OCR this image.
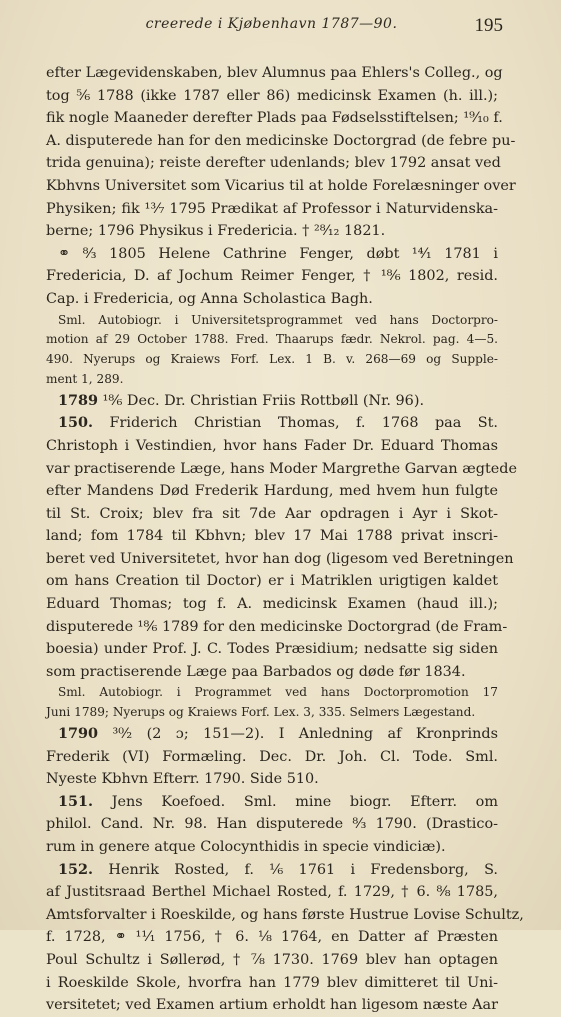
creerede i Kjøbenhavn 1787—90.	195
efter Lægevidenskaben, blev Alumnus paa Ehlers's Colleg., og
tog ⁵⁄₆ 1788 (ikke 1787 eller 86) medicinsk Examen (h. ill.);
fik nogle Maaneder derefter Plads paa Fødselsstiftelsen; ¹⁹⁄₁₀ f.
A. disputerede han for den medicinske Doctorgrad (de febre pu-
trida genuina); reiste derefter udenlands; blev 1792 ansat ved
Kbhvns Universitet som Vicarius til at holde Forelæsninger over
Physiken; fik ¹³⁄₇ 1795 Prædikat af Professor i Naturvidenska-
berne; 1796 Physikus i Fredericia. † ²⁸⁄₁₂ 1821.
⚭ ⁸⁄₃ 1805 Helene Cathrine Fenger, døbt ¹⁴⁄₁ 1781 i
Fredericia, D. af Jochum Reimer Fenger, † ¹⁸⁄₆ 1802, resid.
Cap. i Fredericia, og Anna Scholastica Bagh.
Sml. Autobiogr. i Universitetsprogrammet ved hans Doctorpro-
motion af 29 October 1788. Fred. Thaarups fædr. Nekrol. pag. 4—5.
490. Nyerups og Kraiews Forf. Lex. 1 B. v. 268—69 og Supple-
ment 1, 289.
1789 ¹⁸⁄₆ Dec. Dr. Christian Friis Rottbøll (Nr. 96).
150. Friderich Christian Thomas, f. 1768 paa St.
Christoph i Vestindien, hvor hans Fader Dr. Eduard Thomas
var practiserende Læge, hans Moder Margrethe Garvan ægtede
efter Mandens Død Frederik Hardung, med hvem hun fulgte
til St. Croix; blev fra sit 7de Aar opdragen i Ayr i Skot-
land; fom 1784 til Kbhvn; blev 17 Mai 1788 privat inscri-
beret ved Universitetet, hvor han dog (ligesom ved Beretningen
om hans Creation til Doctor) er i Matriklen urigtigen kaldet
Eduard Thomas; tog f. A. medicinsk Examen (haud ill.);
disputerede ¹⁸⁄₆ 1789 for den medicinske Doctorgrad (de Fram-
boesia) under Prof. J. C. Todes Præsidium; nedsatte sig siden
som practiserende Læge paa Barbados og døde før 1834.
Sml. Autobiogr. i Programmet ved hans Doctorpromotion 17
Juni 1789; Nyerups og Kraiews Forf. Lex. 3, 335. Selmers Lægestand.
1790 ³⁰⁄₂ (2 ɔ; 151—2). I Anledning af Kronprinds
Frederik (VI) Formæling. Dec. Dr. Joh. Cl. Tode. Sml.
Nyeste Kbhvn Efterr. 1790. Side 510.
151. Jens Koefoed. Sml. mine biogr. Efterr. om
philol. Cand. Nr. 98. Han disputerede ⁸⁄₃ 1790. (Drastico-
rum in genere atque Colocynthidis in specie vindiciæ).
152. Henrik Rosted, f. ¹⁄₆ 1761 i Fredensborg, S.
af Justitsraad Berthel Michael Rosted, f. 1729, † 6. ⁸⁄₈ 1785,
Amtsforvalter i Roeskilde, og hans første Hustrue Lovise Schultz,
f. 1728, ⚭ ¹¹⁄₁ 1756, † 6. ¹⁄₈ 1764, en Datter af Præsten
Poul Schultz i Søllerød, † ⁷⁄₈ 1730. 1769 blev han optagen
i Roeskilde Skole, hvorfra han 1779 blev dimitteret til Uni-
versitetet; ved Examen artium erholdt han ligesom næste Aar
